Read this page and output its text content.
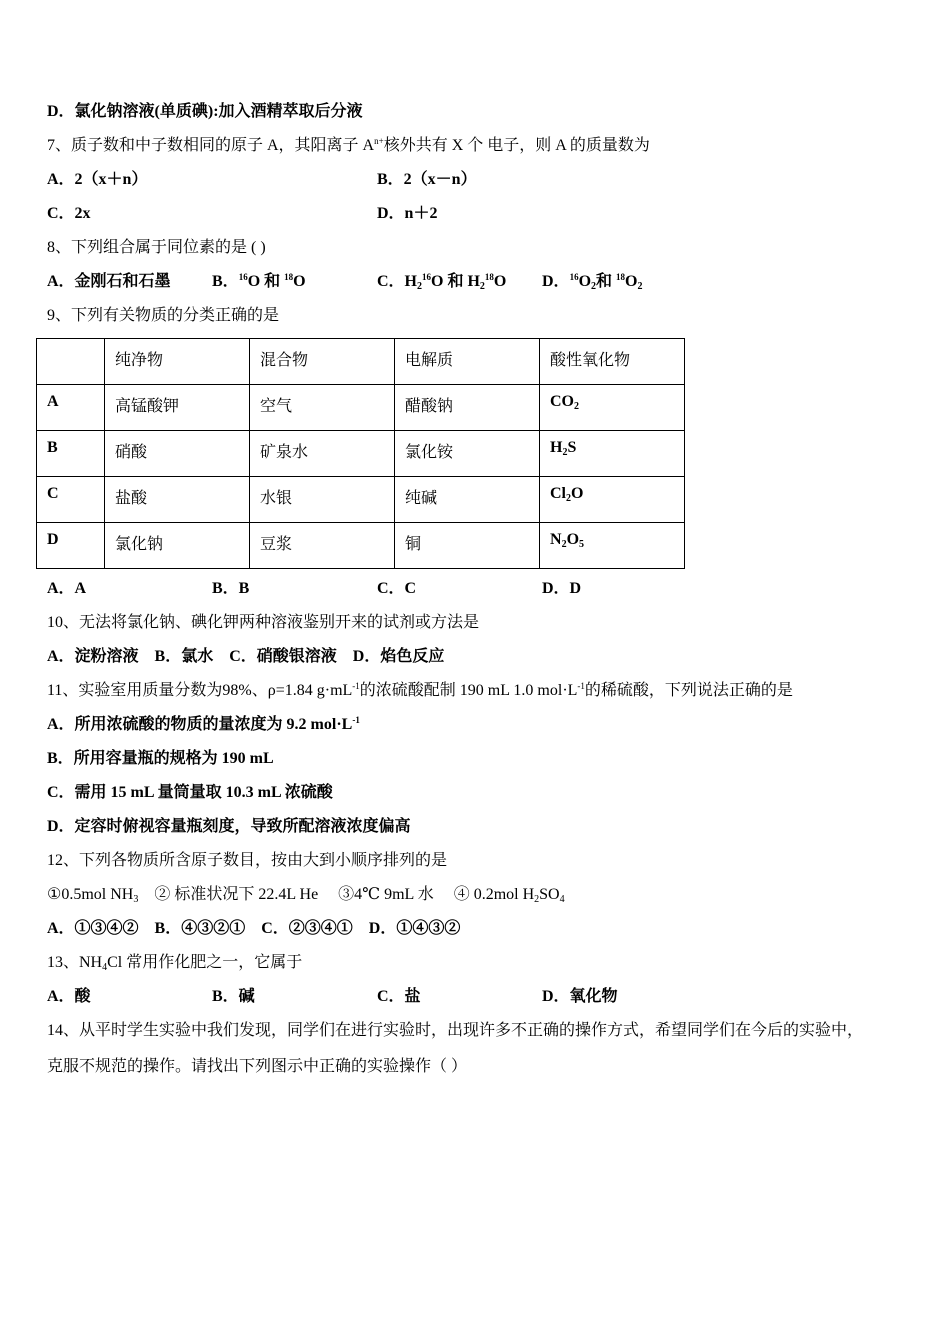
D．氯化钠溶液(单质碘):加入酒精萃取后分液
7、质子数和中子数相同的原子 A，其阳离子 $A^{n+}$核外共有 X 个 电子，则 A 的质量数为
A．2（x＋n）	B．2（x－n）
C．2x	D．n＋2
8、下列组合属于同位素的是 ( )
A．金刚石和石墨	B．$^{16}$O 和 $^{18}$O	C．$H_2^{16}O$ 和 $H_2^{18}O$ D．$^{16}O_2$和 $^{18}O_2$
9、下列有关物质的分类正确的是
	纯净物	混合物	电解质	酸性氧化物
A	高锰酸钾	空气	醋酸钠	$CO_2$
B	硝酸	矿泉水	氯化铵	$H_2S$
C	盐酸	水银	纯碱	$Cl_2O$
D	氯化钠	豆浆	铜	$N_2O_5$
A．A	B．B	C．C	D．D
10、无法将氯化钠、碘化钾两种溶液鉴别开来的试剂或方法是
A．淀粉溶液　B．氯水　C．硝酸银溶液　D．焰色反应
11、实验室用质量分数为98%、ρ=1.84 $g\cdot mL^{-1}$的浓硫酸配制 190 mL 1.0 $mol\cdot L^{-1}$的稀硫酸，下列说法正确的是
A．所用浓硫酸的物质的量浓度为 9.2 $mol\cdot L^{-1}$
B．所用容量瓶的规格为 190 mL
C．需用 15 mL 量筒量取 10.3 mL 浓硫酸
D．定容时俯视容量瓶刻度，导致所配溶液浓度偏高
12、下列各物质所含原子数目，按由大到小顺序排列的是
①0.5mol $NH_3$　② 标准状况下 22.4L He　 ③4℃ 9mL 水　 ④ 0.2mol $H_2SO_4$
A．①③④②　B．④③②①　C．②③④①　D．①④③②
13、$NH_4Cl$ 常用作化肥之一，它属于
A．酸	B．碱	C．盐	D．氧化物
14、从平时学生实验中我们发现，同学们在进行实验时，出现许多不正确的操作方式，希望同学们在今后的实验中，
克服不规范的操作。请找出下列图示中正确的实验操作（ ）
